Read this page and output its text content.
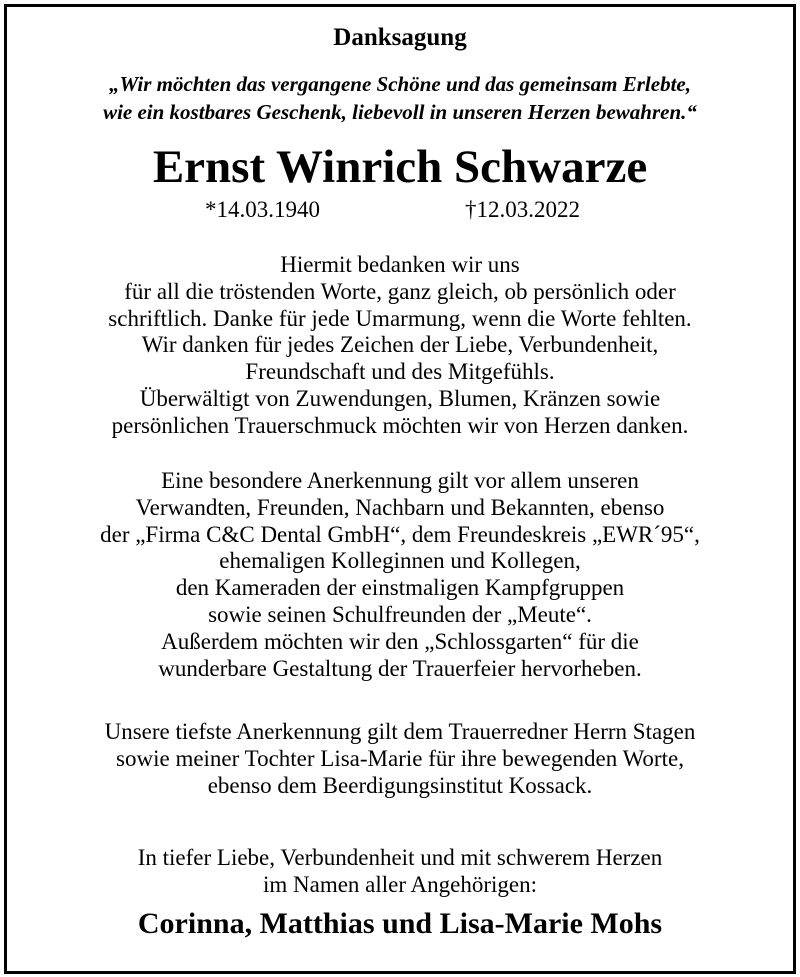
Danksagung
„Wir möchten das vergangene Schöne und das gemeinsam Erlebte,
wie ein kostbares Geschenk, liebevoll in unseren Herzen bewahren.“
Ernst Winrich Schwarze
*14.03.1940	†12.03.2022
Hiermit bedanken wir uns
für all die tröstenden Worte, ganz gleich, ob persönlich oder
schriftlich. Danke für jede Umarmung, wenn die Worte fehlten.
Wir danken für jedes Zeichen der Liebe, Verbundenheit,
Freundschaft und des Mitgefühls.
Überwältigt von Zuwendungen, Blumen, Kränzen sowie
persönlichen Trauerschmuck möchten wir von Herzen danken.
Eine besondere Anerkennung gilt vor allem unseren
Verwandten, Freunden, Nachbarn und Bekannten, ebenso
der „Firma C&C Dental GmbH“, dem Freundeskreis „EWR´95“,
ehemaligen Kolleginnen und Kollegen,
den Kameraden der einstmaligen Kampfgruppen
sowie seinen Schulfreunden der „Meute“.
Außerdem möchten wir den „Schlossgarten“ für die
wunderbare Gestaltung der Trauerfeier hervorheben.
Unsere tiefste Anerkennung gilt dem Trauerredner Herrn Stagen
sowie meiner Tochter Lisa-Marie für ihre bewegenden Worte,
ebenso dem Beerdigungsinstitut Kossack.
In tiefer Liebe, Verbundenheit und mit schwerem Herzen
im Namen aller Angehörigen:
Corinna, Matthias und Lisa-Marie Mohs
